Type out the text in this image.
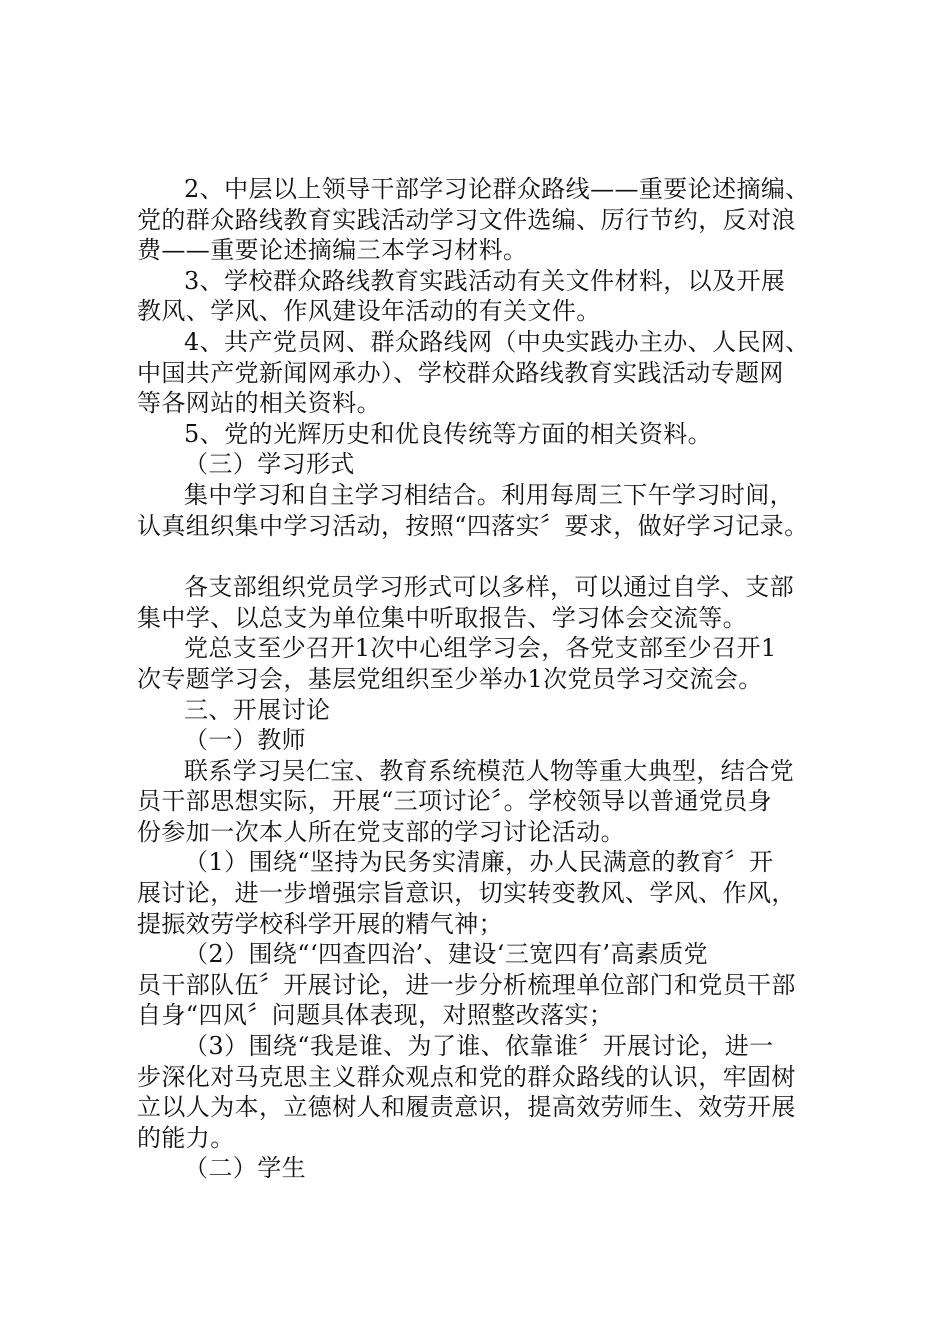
2、中层以上领导干部学习论群众路线——重要论述摘编、
党的群众路线教育实践活动学习文件选编、厉行节约，反对浪
费——重要论述摘编三本学习材料。
3、学校群众路线教育实践活动有关文件材料，以及开展
教风、学风、作风建设年活动的有关文件。
4、共产党员网、群众路线网（中央实践办主办、人民网、
中国共产党新闻网承办）、学校群众路线教育实践活动专题网
等各网站的相关资料。
5、党的光辉历史和优良传统等方面的相关资料。
（三）学习形式
集中学习和自主学习相结合。利用每周三下午学习时间，
认真组织集中学习活动，按照“四落实〞要求，做好学习记录。
各支部组织党员学习形式可以多样，可以通过自学、支部
集中学、以总支为单位集中听取报告、学习体会交流等。
党总支至少召开1次中心组学习会，各党支部至少召开1
次专题学习会，基层党组织至少举办1次党员学习交流会。
三、开展讨论
（一）教师
联系学习吴仁宝、教育系统模范人物等重大典型，结合党
员干部思想实际，开展“三项讨论〞。学校领导以普通党员身
份参加一次本人所在党支部的学习讨论活动。
（1）围绕“坚持为民务实清廉，办人民满意的教育〞开
展讨论，进一步增强宗旨意识，切实转变教风、学风、作风，
提振效劳学校科学开展的精气神；
（2）围绕“‘四查四治’、建设‘三宽四有’高素质党
员干部队伍〞开展讨论，进一步分析梳理单位部门和党员干部
自身“四风〞问题具体表现，对照整改落实；
（3）围绕“我是谁、为了谁、依靠谁〞开展讨论，进一
步深化对马克思主义群众观点和党的群众路线的认识，牢固树
立以人为本，立德树人和履责意识，提高效劳师生、效劳开展
的能力。
（二）学生
